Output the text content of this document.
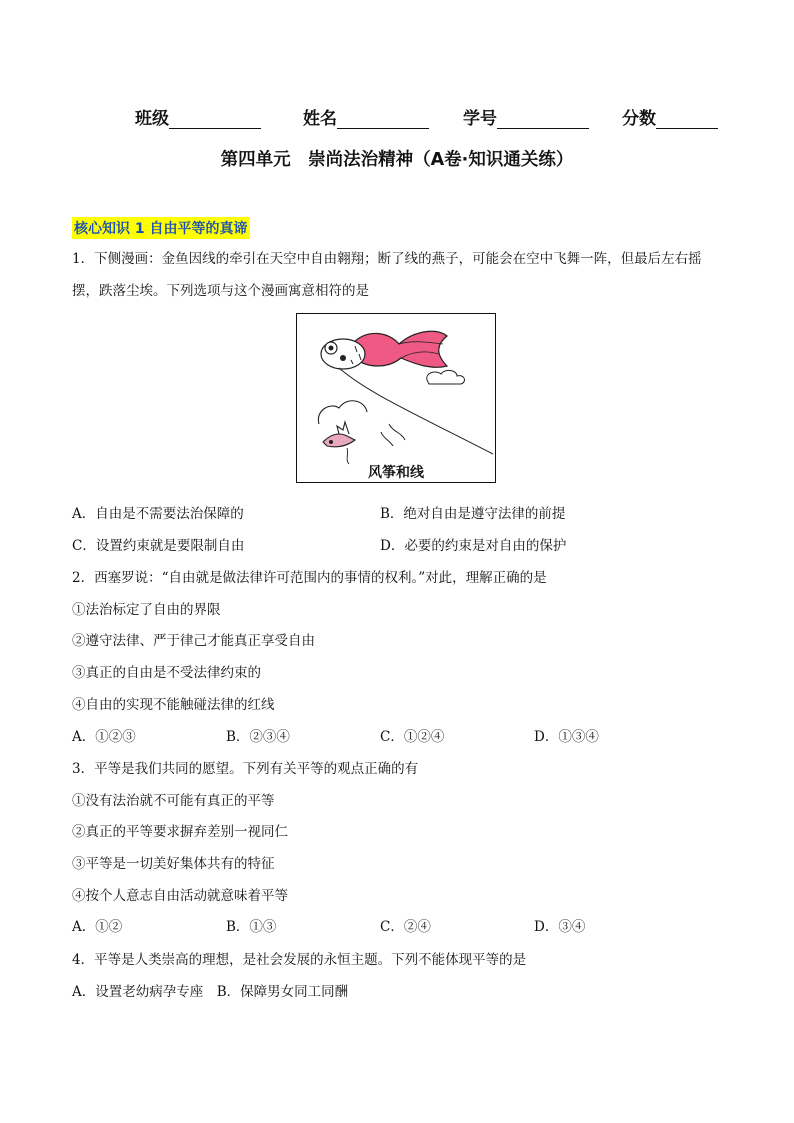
班级	姓名	学号	分数
第四单元　崇尚法治精神（A卷·知识通关练）
核心知识 1 自由平等的真谛
1．下侧漫画：金鱼因线的牵引在天空中自由翱翔；断了线的燕子，可能会在空中飞舞一阵，但最后左右摇
摆，跌落尘埃。下列选项与这个漫画寓意相符的是
风筝和线
A．自由是不需要法治保障的	B．绝对自由是遵守法律的前提
C．设置约束就是要限制自由	D．必要的约束是对自由的保护
2．西塞罗说：“自由就是做法律许可范围内的事情的权利。”对此，理解正确的是
①法治标定了自由的界限
②遵守法律、严于律己才能真正享受自由
③真正的自由是不受法律约束的
④自由的实现不能触碰法律的红线
A．①②③	B．②③④	C．①②④	D．①③④
3．平等是我们共同的愿望。下列有关平等的观点正确的有
①没有法治就不可能有真正的平等
②真正的平等要求摒弃差别一视同仁
③平等是一切美好集体共有的特征
④按个人意志自由活动就意味着平等
A．①②	B．①③	C．②④	D．③④
4．平等是人类崇高的理想，是社会发展的永恒主题。下列不能体现平等的是
A．设置老幼病孕专座　B．保障男女同工同酬
